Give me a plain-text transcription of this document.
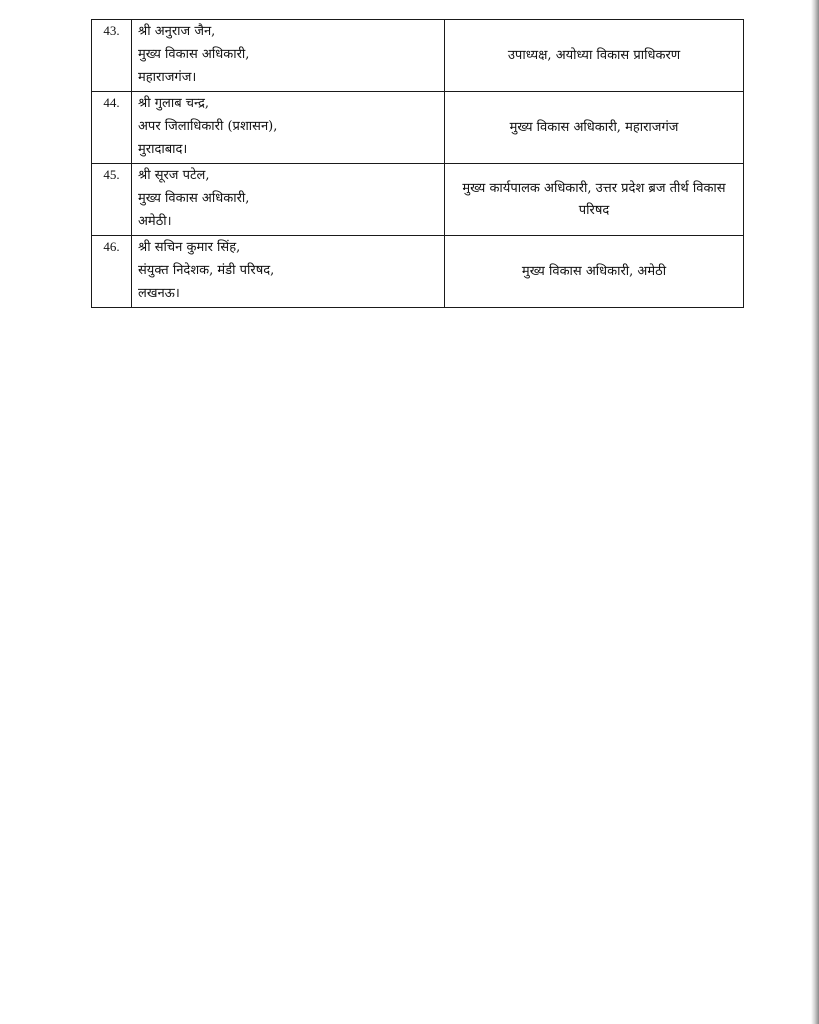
43.	श्री अनुराज जैन,
मुख्य विकास अधिकारी,
महाराजगंज।	उपाध्यक्ष, अयोध्या विकास प्राधिकरण
44.	श्री गुलाब चन्द्र,
अपर जिलाधिकारी (प्रशासन),
मुरादाबाद।	मुख्य विकास अधिकारी, महाराजगंज
45.	श्री सूरज पटेल,
मुख्य विकास अधिकारी,
अमेठी।	मुख्य कार्यपालक अधिकारी, उत्तर प्रदेश ब्रज तीर्थ विकास परिषद
46.	श्री सचिन कुमार सिंह,
संयुक्त निदेशक, मंडी परिषद,
लखनऊ।	मुख्य विकास अधिकारी, अमेठी
